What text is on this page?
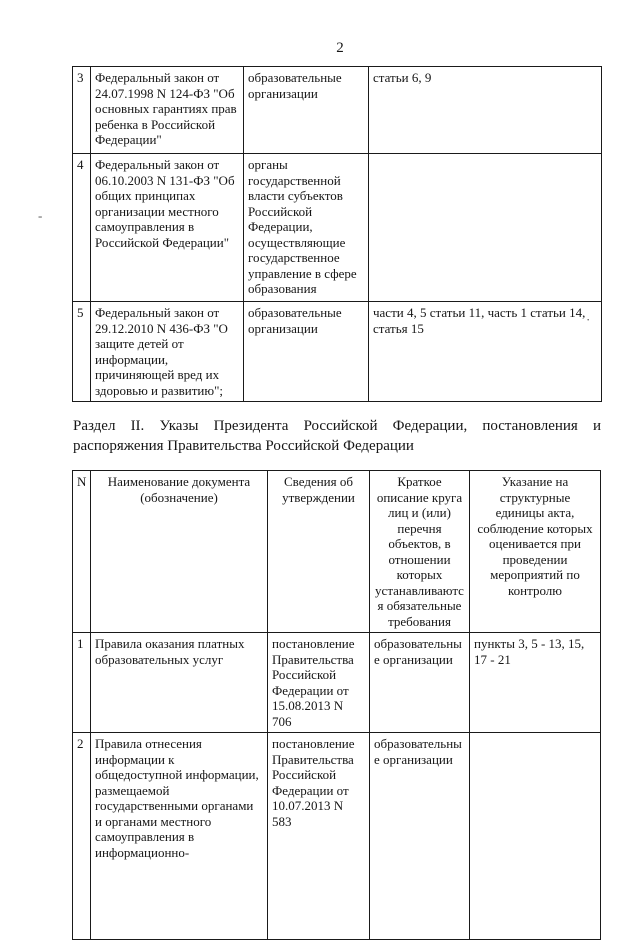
2
3	Федеральный закон от 24.07.1998 N 124-ФЗ "Об основных гарантиях прав ребенка в Российской Федерации"	образовательные организации	статьи 6, 9
4	Федеральный закон от 06.10.2003 N 131-ФЗ "Об общих принципах организации местного самоуправления в Российской Федерации"	органы государственной власти субъектов Российской Федерации, осуществляющие государственное управление в сфере образования	
5	Федеральный закон от 29.12.2010 N 436-ФЗ "О защите детей от информации, причиняющей вред их здоровью и развитию";	образовательные организации	части 4, 5 статьи 11, часть 1 статьи 14, статья 15
Раздел II. Указы Президента Российской Федерации, постановления и
распоряжения Правительства Российской Федерации
N	Наименование документа (обозначение)	Сведения об утверждении	Краткое описание круга лиц и (или) перечня объектов, в отношении которых устанавливаютс я обязательные требования	Указание на структурные единицы акта, соблюдение которых оценивается при проведении мероприятий по контролю
1	Правила оказания платных образовательных услуг	постановление Правительства Российской Федерации от 15.08.2013 N 706	образовательны е организации	пункты 3, 5 - 13, 15, 17 - 21
2	Правила отнесения информации к общедоступной информации, размещаемой государственными органами и органами местного самоуправления в информационно-	постановление Правительства Российской Федерации от 10.07.2013 N 583	образовательны е организации	
-
·
